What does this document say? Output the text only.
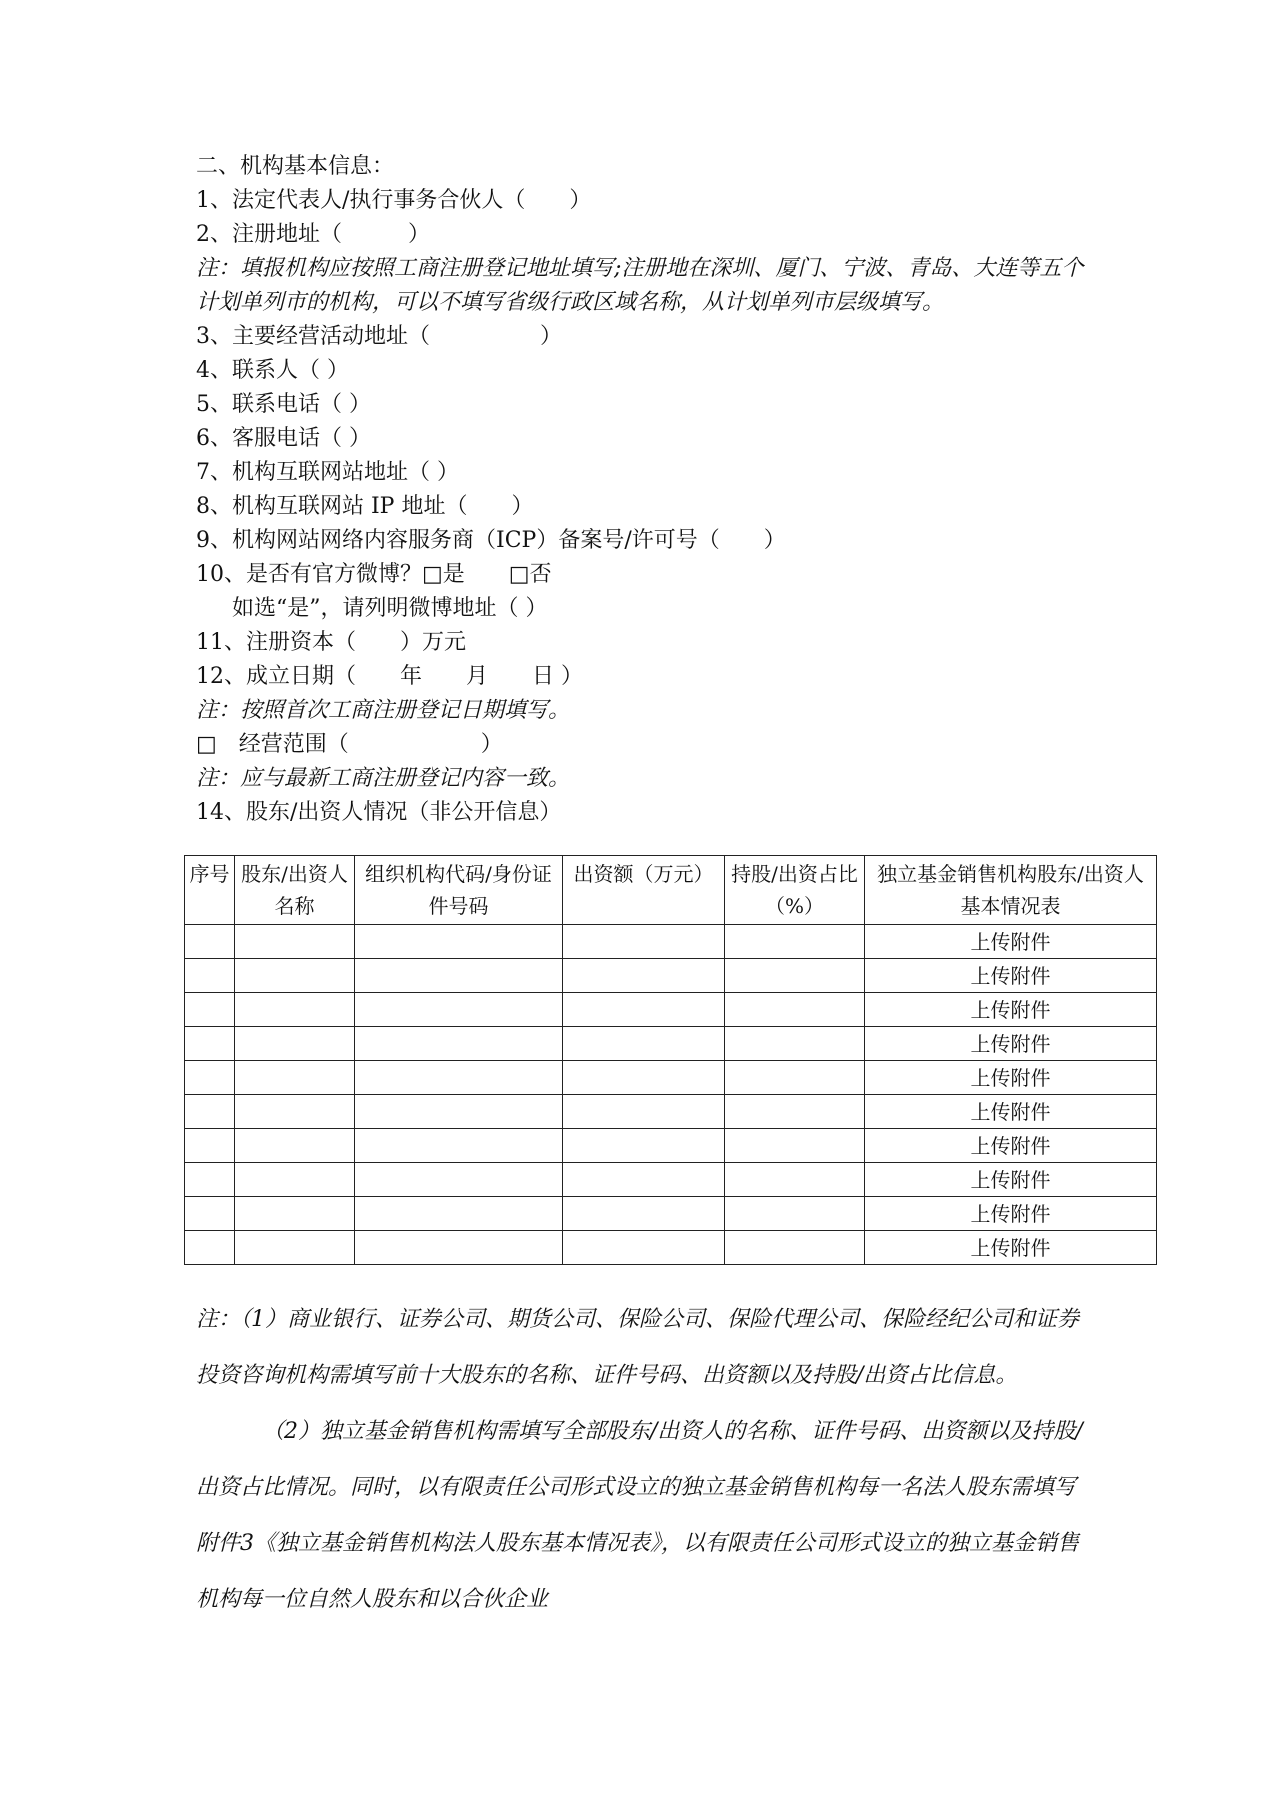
二、机构基本信息：
1、法定代表人/执行事务合伙人（　　）
2、注册地址（　　　）
注：填报机构应按照工商注册登记地址填写;注册地在深圳、厦门、宁波、青岛、大连等五个计划单列市的机构，可以不填写省级行政区域名称，从计划单列市层级填写。
3、主要经营活动地址（　　　　　）
4、联系人（ ）
5、联系电话（ ）
6、客服电话（ ）
7、机构互联网站地址（ ）
8、机构互联网站 IP 地址（　　）
9、机构网站网络内容服务商（ICP）备案号/许可号（　　）
10、是否有官方微博？□是　　□否
如选“是”，请列明微博地址（ ）
11、注册资本（　　）万元
12、成立日期（　　年　　月　　日 ）
注：按照首次工商注册登记日期填写。
□　经营范围（　　　　　　）
注：应与最新工商注册登记内容一致。
14、股东/出资人情况（非公开信息）
序号	股东/出资人名称	组织机构代码/身份证件号码	出资额（万元）	持股/出资占比（%）	独立基金销售机构股东/出资人基本情况表
					上传附件
					上传附件
					上传附件
					上传附件
					上传附件
					上传附件
					上传附件
					上传附件
					上传附件
					上传附件

注：（1）商业银行、证券公司、期货公司、保险公司、保险代理公司、保险经纪公司和证券投资咨询机构需填写前十大股东的名称、证件号码、出资额以及持股/出资占比信息。

（2）独立基金销售机构需填写全部股东/出资人的名称、证件号码、出资额以及持股/出资占比情况。同时，以有限责任公司形式设立的独立基金销售机构每一名法人股东需填写附件3《独立基金销售机构法人股东基本情况表》，以有限责任公司形式设立的独立基金销售机构每一位自然人股东和以合伙企业
